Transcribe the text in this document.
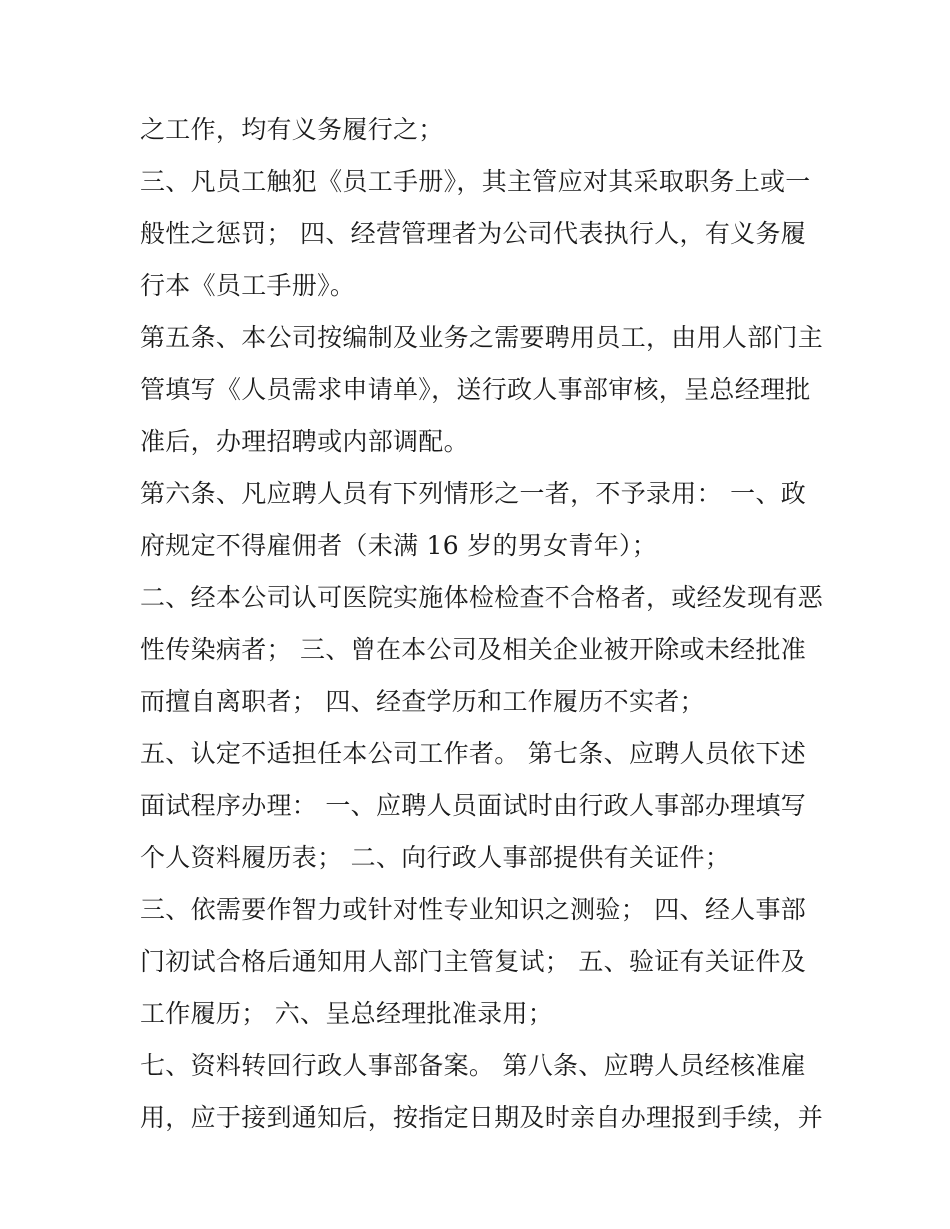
之工作，均有义务履行之；
三、凡员工触犯《员工手册》，其主管应对其采取职务上或一
般性之惩罚； 四、经营管理者为公司代表执行人，有义务履
行本《员工手册》。
第五条、本公司按编制及业务之需要聘用员工，由用人部门主
管填写《人员需求申请单》，送行政人事部审核，呈总经理批
准后，办理招聘或内部调配。
第六条、凡应聘人员有下列情形之一者，不予录用： 一、政
府规定不得雇佣者（未满 16 岁的男女青年）；
二、经本公司认可医院实施体检检查不合格者，或经发现有恶
性传染病者； 三、曾在本公司及相关企业被开除或未经批准
而擅自离职者； 四、经查学历和工作履历不实者；
五、认定不适担任本公司工作者。 第七条、应聘人员依下述
面试程序办理： 一、应聘人员面试时由行政人事部办理填写
个人资料履历表； 二、向行政人事部提供有关证件；
三、依需要作智力或针对性专业知识之测验； 四、经人事部
门初试合格后通知用人部门主管复试； 五、验证有关证件及
工作履历； 六、呈总经理批准录用；
七、资料转回行政人事部备案。 第八条、应聘人员经核准雇
用，应于接到通知后，按指定日期及时亲自办理报到手续，并
